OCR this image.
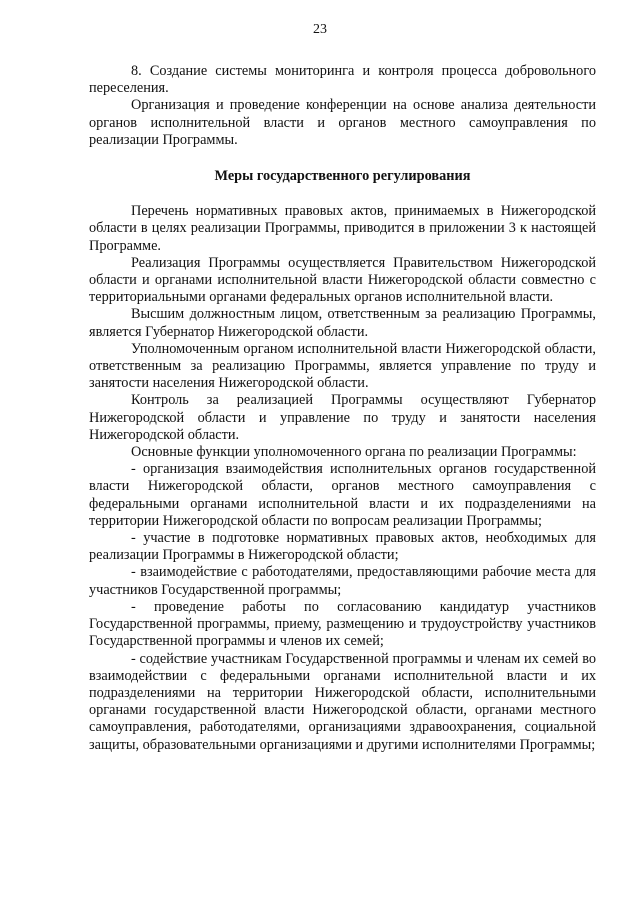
23

8. Создание системы мониторинга и контроля процесса добровольного переселения.

Организация и проведение конференции на основе анализа деятельности органов исполнительной власти и органов местного самоуправления по реализации Программы.

Меры государственного регулирования

Перечень нормативных правовых актов, принимаемых в Нижегородской области в целях реализации Программы, приводится в приложении 3 к настоящей Программе.

Реализация Программы осуществляется Правительством Нижегородской области и органами исполнительной власти Нижегородской области совместно с территориальными органами федеральных органов исполнительной власти.

Высшим должностным лицом, ответственным за реализацию Программы, является Губернатор Нижегородской области.

Уполномоченным органом исполнительной власти Нижегородской области, ответственным за реализацию Программы, является управление по труду и занятости населения Нижегородской области.

Контроль за реализацией Программы осуществляют Губернатор Нижегородской области и управление по труду и занятости населения Нижегородской области.

Основные функции уполномоченного органа по реализации Программы:

- организация взаимодействия исполнительных органов государственной власти Нижегородской области, органов местного самоуправления с федеральными органами исполнительной власти и их подразделениями на территории Нижегородской области по вопросам реализации Программы;

- участие в подготовке нормативных правовых актов, необходимых для реализации Программы в Нижегородской области;

- взаимодействие с работодателями, предоставляющими рабочие места для участников Государственной программы;

- проведение работы по согласованию кандидатур участников Государственной программы, приему, размещению и трудоустройству участников Государственной программы и членов их семей;

- содействие участникам Государственной программы и членам их семей во взаимодействии с федеральными органами исполнительной власти и их подразделениями на территории Нижегородской области, исполнительными органами государственной власти Нижегородской области, органами местного самоуправления, работодателями, организациями здравоохранения, социальной защиты, образовательными организациями и другими исполнителями Программы;
